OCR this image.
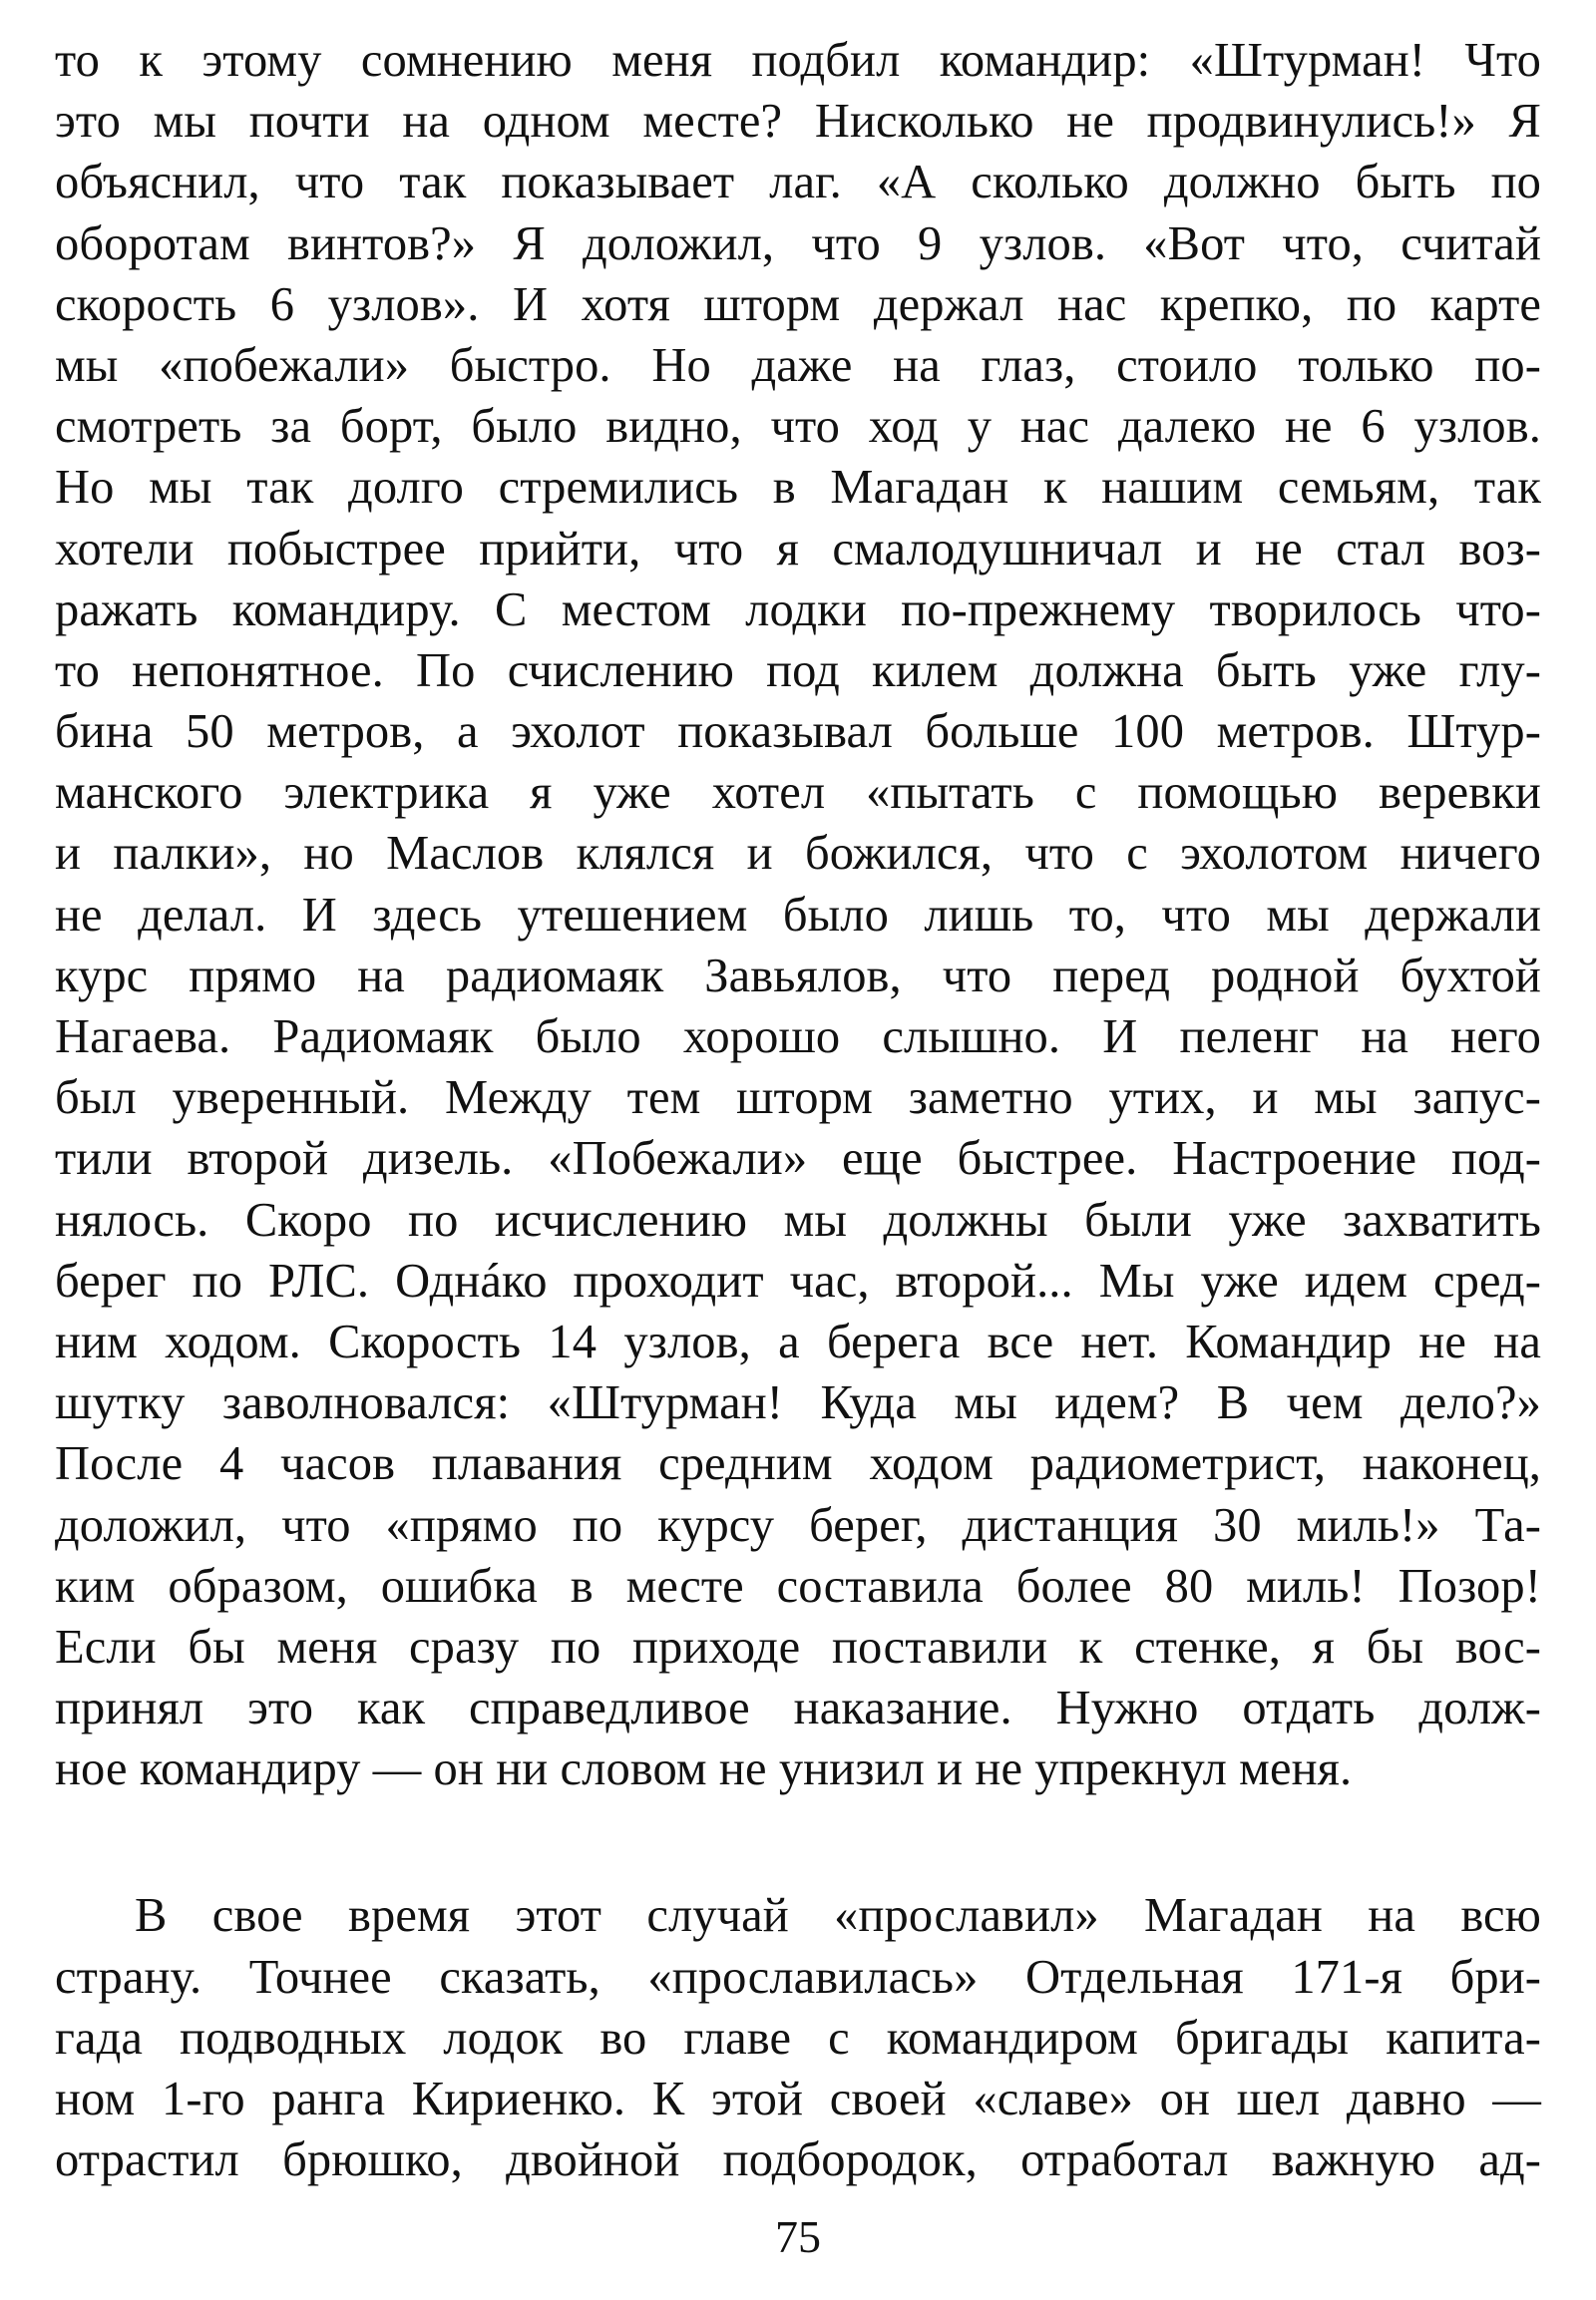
то к этому сомнению меня подбил командир: «Штурман! Что
это мы почти на одном месте? Нисколько не продвинулись!» Я
объяснил, что так показывает лаг. «А сколько должно быть по
оборотам винтов?» Я доложил, что 9 узлов. «Вот что, считай
скорость 6 узлов». И хотя шторм держал нас крепко, по карте
мы «побежали» быстро. Но даже на глаз, стоило только по-
смотреть за борт, было видно, что ход у нас далеко не 6 узлов.
Но мы так долго стремились в Магадан к нашим семьям, так
хотели побыстрее прийти, что я смалодушничал и не стал воз-
ражать командиру. С местом лодки по-прежнему творилось что-
то непонятное. По счислению под килем должна быть уже глу-
бина 50 метров, а эхолот показывал больше 100 метров. Штур-
манского электрика я уже хотел «пытать с помощью веревки
и палки», но Маслов клялся и божился, что с эхолотом ничего
не делал. И здесь утешением было лишь то, что мы держали
курс прямо на радиомаяк Завьялов, что перед родной бухтой
Нагаева. Радиомаяк было хорошо слышно. И пеленг на него
был уверенный. Между тем шторм заметно утих, и мы запус-
тили второй дизель. «Побежали» еще быстрее. Настроение под-
нялось. Скоро по исчислению мы должны были уже захватить
берег по РЛС. Однáко проходит час, второй... Мы уже идем сред-
ним ходом. Скорость 14 узлов, а берега все нет. Командир не на
шутку заволновался: «Штурман! Куда мы идем? В чем дело?»
После 4 часов плавания средним ходом радиометрист, наконец,
доложил, что «прямо по курсу берег, дистанция 30 миль!» Та-
ким образом, ошибка в месте составила более 80 миль! Позор!
Если бы меня сразу по приходе поставили к стенке, я бы вос-
принял это как справедливое наказание. Нужно отдать долж-
ное командиру — он ни словом не унизил и не упрекнул меня.
В свое время этот случай «прославил» Магадан на всю
страну. Точнее сказать, «прославилась» Отдельная 171-я бри-
гада подводных лодок во главе с командиром бригады капита-
ном 1-го ранга Кириенко. К этой своей «славе» он шел давно —
отрастил брюшко, двойной подбородок, отработал важную ад-
75
